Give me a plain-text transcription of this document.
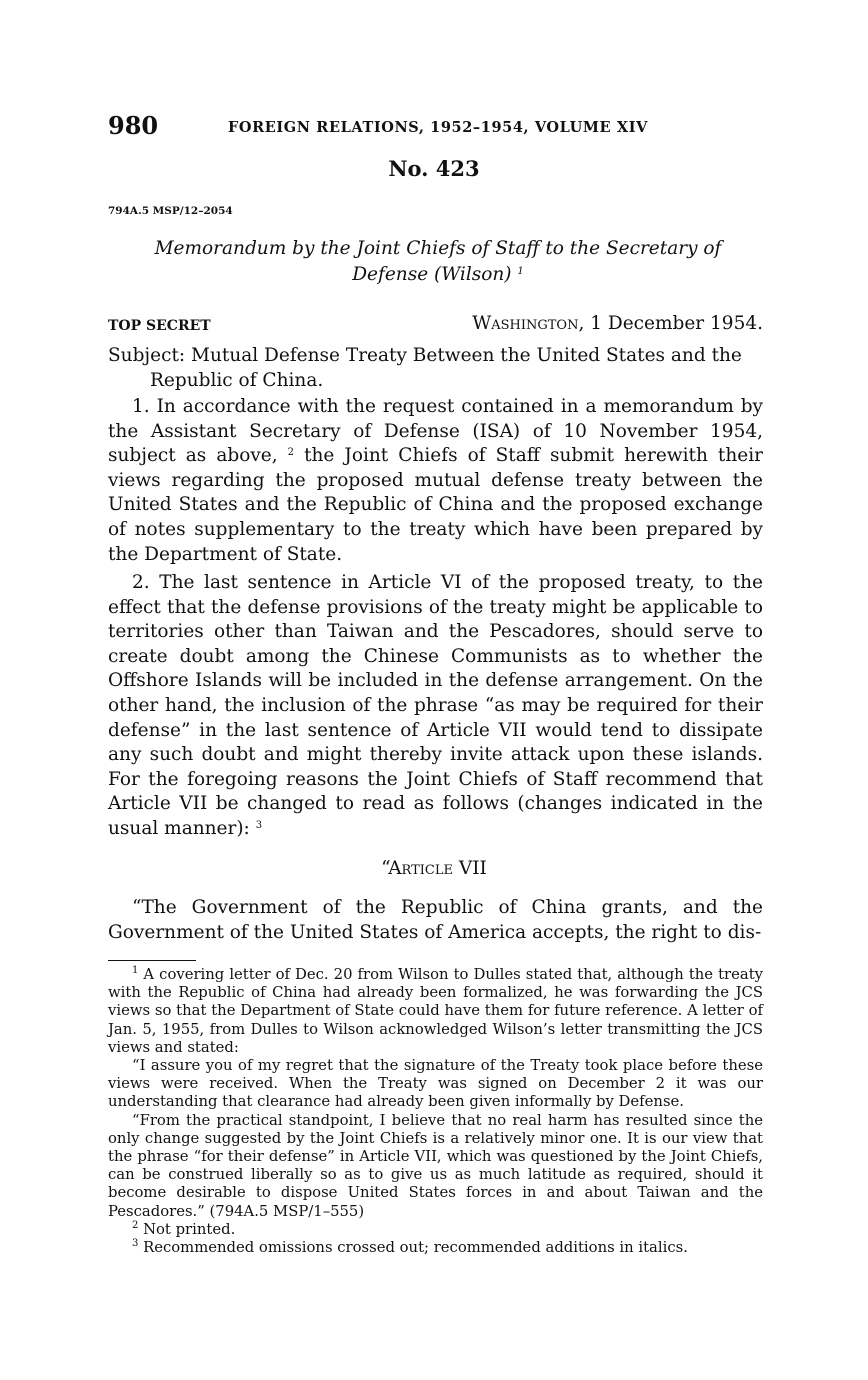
980	FOREIGN RELATIONS, 1952–1954, VOLUME XIV
No. 423
794A.5 MSP/12–2054
Memorandum by the Joint Chiefs of Staff to the Secretary of Defense (Wilson) $^1$
TOP SECRET	Washington, 1 December 1954.
Subject: Mutual Defense Treaty Between the United States and the Republic of China.
1. In accordance with the request contained in a memorandum by the Assistant Secretary of Defense (ISA) of 10 November 1954, subject as above, $^2$ the Joint Chiefs of Staff submit herewith their views regarding the proposed mutual defense treaty between the United States and the Republic of China and the proposed exchange of notes supplementary to the treaty which have been prepared by the Department of State.
2. The last sentence in Article VI of the proposed treaty, to the effect that the defense provisions of the treaty might be applicable to territories other than Taiwan and the Pescadores, should serve to create doubt among the Chinese Communists as to whether the Offshore Islands will be included in the defense arrangement. On the other hand, the inclusion of the phrase “as may be required for their defense” in the last sentence of Article VII would tend to dissipate any such doubt and might thereby invite attack upon these islands. For the foregoing reasons the Joint Chiefs of Staff recommend that Article VII be changed to read as follows (changes indicated in the usual manner): $^3$
“Article VII
“The Government of the Republic of China grants, and the Government of the United States of America accepts, the right to dis-

$^1$ A covering letter of Dec. 20 from Wilson to Dulles stated that, although the treaty with the Republic of China had already been formalized, he was forwarding the JCS views so that the Department of State could have them for future reference. A letter of Jan. 5, 1955, from Dulles to Wilson acknowledged Wilson’s letter transmitting the JCS views and stated:

“I assure you of my regret that the signature of the Treaty took place before these views were received. When the Treaty was signed on December 2 it was our understanding that clearance had already been given informally by Defense.

“From the practical standpoint, I believe that no real harm has resulted since the only change suggested by the Joint Chiefs is a relatively minor one. It is our view that the phrase “for their defense” in Article VII, which was questioned by the Joint Chiefs, can be construed liberally so as to give us as much latitude as required, should it become desirable to dispose United States forces in and about Taiwan and the Pescadores.” (794A.5 MSP/1–555)

$^2$ Not printed.

$^3$ Recommended omissions crossed out; recommended additions in italics.
